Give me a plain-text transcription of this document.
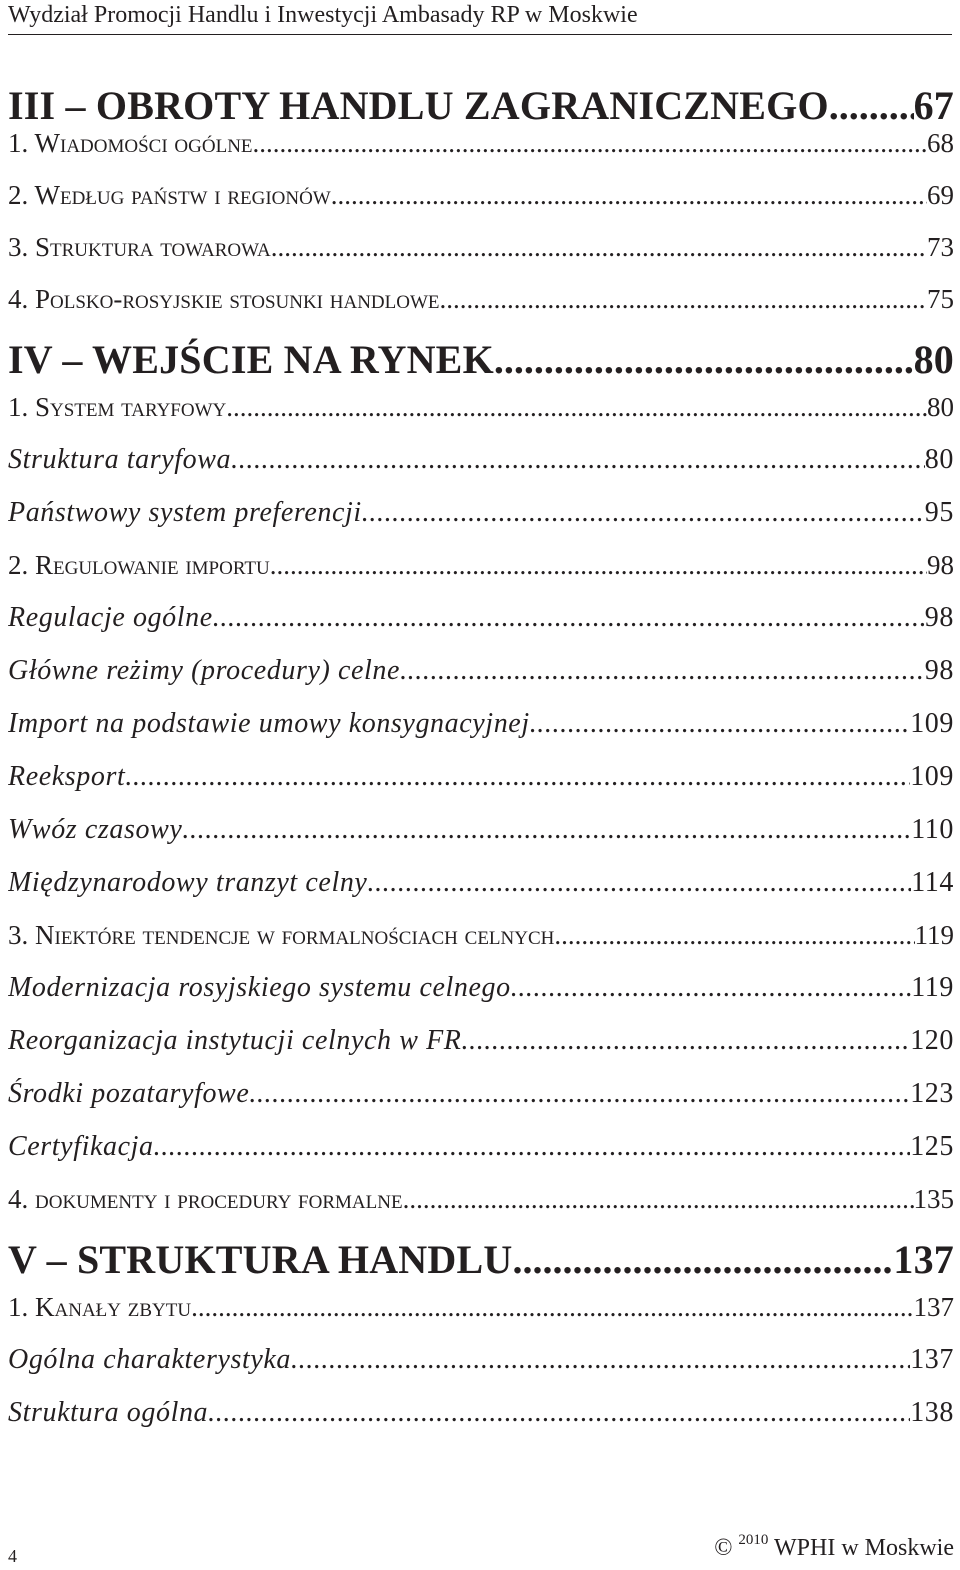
Wydział Promocji Handlu i Inwestycji Ambasady RP w Moskwie
III – OBROTY HANDLU ZAGRANICZNEGO ..... 67
1. Wiadomości ogólne .....	68
2. Według państw i regionów .....	69
3. Struktura towarowa .....	73
4. Polsko-rosyjskie stosunki handlowe .....	75
IV – WEJŚCIE NA RYNEK .....	80
1. System taryfowy .....	80
Struktura taryfowa .....	80
Państwowy system preferencji .....	95
2. Regulowanie importu .....	98
Regulacje ogólne .....	98
Główne reżimy (procedury) celne .....	98
Import na podstawie umowy konsygnacyjnej .....	109
Reeksport .....	109
Wwóz czasowy .....	110
Międzynarodowy tranzyt celny .....	114
3. Niektóre tendencje w formalnościach celnych .....	119
Modernizacja rosyjskiego systemu celnego .....	119
Reorganizacja instytucji celnych w FR .....	120
Środki pozataryfowe .....	123
Certyfikacja .....	125
4. dokumenty i procedury formalne .....	135
V – STRUKTURA HANDLU .....	137
1. Kanały zbytu .....	137
Ogólna charakterystyka .....	137
Struktura ogólna .....	138
4	© $^{2010}$ WPHI w Moskwie
